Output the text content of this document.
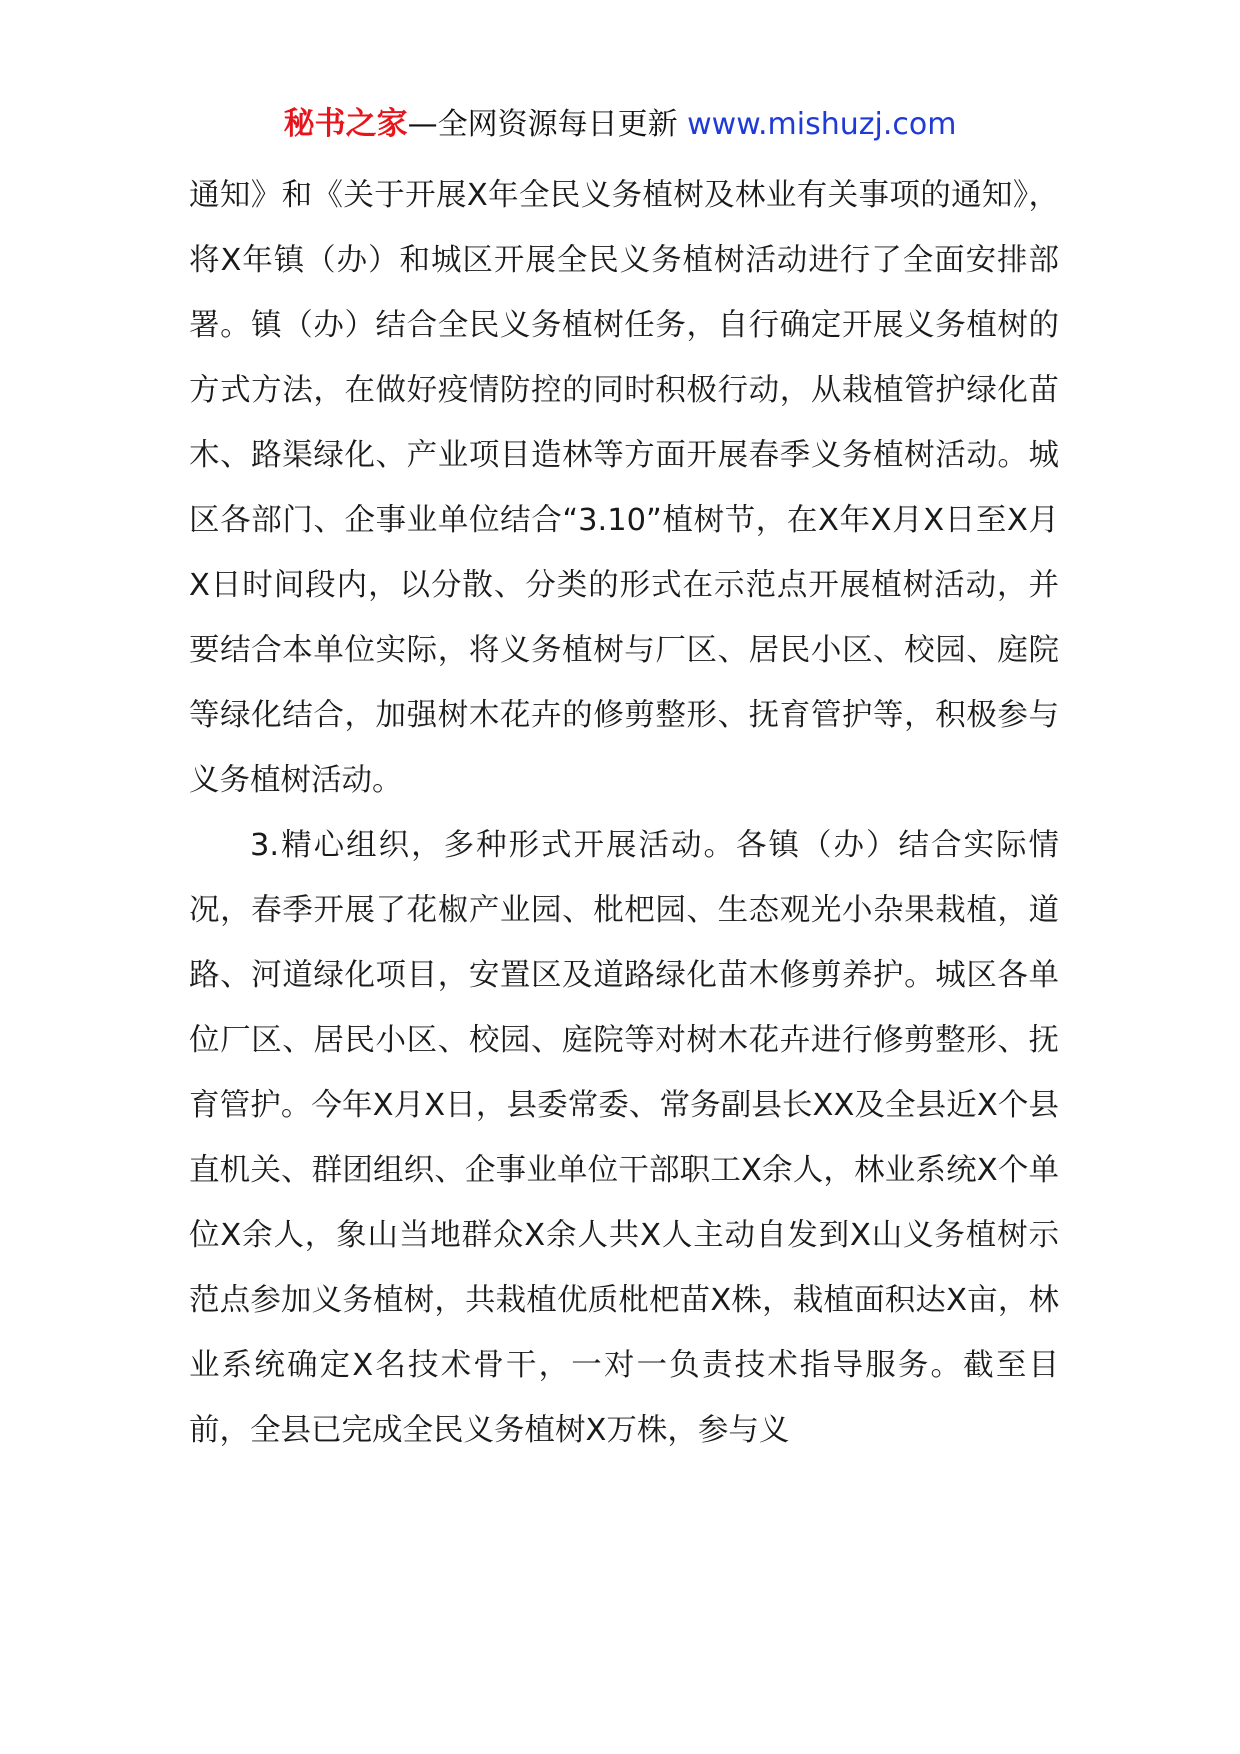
秘书之家—全网资源每日更新 www.mishuzj.com

通知》和《关于开展X年全民义务植树及林业有关事项的通知》，将X年镇（办）和城区开展全民义务植树活动进行了全面安排部署。镇（办）结合全民义务植树任务，自行确定开展义务植树的方式方法，在做好疫情防控的同时积极行动，从栽植管护绿化苗木、路渠绿化、产业项目造林等方面开展春季义务植树活动。城区各部门、企事业单位结合“3.10”植树节，在X年X月X日至X月X日时间段内，以分散、分类的形式在示范点开展植树活动，并要结合本单位实际，将义务植树与厂区、居民小区、校园、庭院等绿化结合，加强树木花卉的修剪整形、抚育管护等，积极参与义务植树活动。

3.精心组织，多种形式开展活动。各镇（办）结合实际情况，春季开展了花椒产业园、枇杷园、生态观光小杂果栽植，道路、河道绿化项目，安置区及道路绿化苗木修剪养护。城区各单位厂区、居民小区、校园、庭院等对树木花卉进行修剪整形、抚育管护。今年X月X日，县委常委、常务副县长XX及全县近X个县直机关、群团组织、企事业单位干部职工X余人，林业系统X个单位X余人，象山当地群众X余人共X人主动自发到X山义务植树示范点参加义务植树，共栽植优质枇杷苗X株，栽植面积达X亩，林业系统确定X名技术骨干，一对一负责技术指导服务。截至目前，全县已完成全民义务植树X万株，参与义
